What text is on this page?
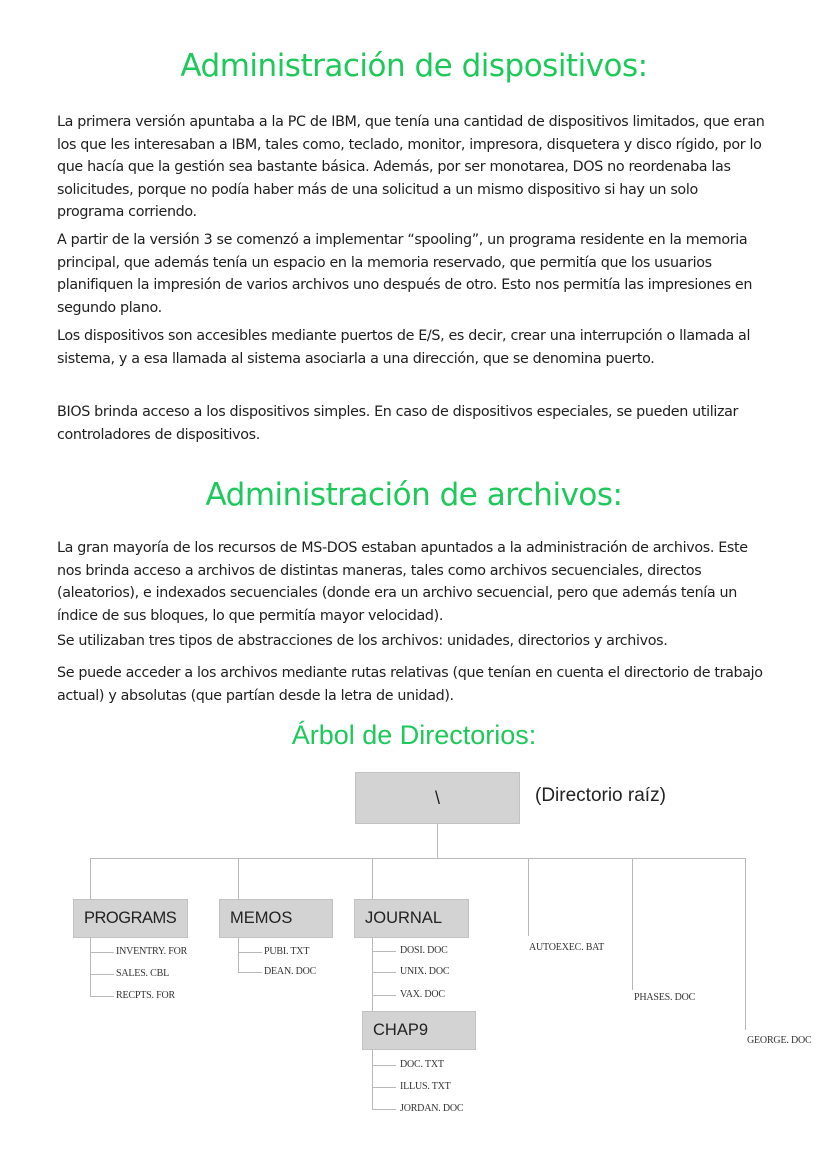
Administración de dispositivos:

La primera versión apuntaba a la PC de IBM, que tenía una cantidad de dispositivos limitados, que eran los que les interesaban a IBM, tales como, teclado, monitor, impresora, disquetera y disco rígido, por lo que hacía que la gestión sea bastante básica. Además, por ser monotarea, DOS no reordenaba las solicitudes, porque no podía haber más de una solicitud a un mismo dispositivo si hay un solo programa corriendo.

A partir de la versión 3 se comenzó a implementar “spooling”, un programa residente en la memoria principal, que además tenía un espacio en la memoria reservado, que permitía que los usuarios planifiquen la impresión de varios archivos uno después de otro. Esto nos permitía las impresiones en segundo plano.

Los dispositivos son accesibles mediante puertos de E/S, es decir, crear una interrupción o llamada al sistema, y a esa llamada al sistema asociarla a una dirección, que se denomina puerto.

BIOS brinda acceso a los dispositivos simples. En caso de dispositivos especiales, se pueden utilizar controladores de dispositivos.

Administración de archivos:

La gran mayoría de los recursos de MS-DOS estaban apuntados a la administración de archivos. Este nos brinda acceso a archivos de distintas maneras, tales como archivos secuenciales, directos (aleatorios), e indexados secuenciales (donde era un archivo secuencial, pero que además tenía un índice de sus bloques, lo que permitía mayor velocidad).

Se utilizaban tres tipos de abstracciones de los archivos: unidades, directorios y archivos.

Se puede acceder a los archivos mediante rutas relativas (que tenían en cuenta el directorio de trabajo actual) y absolutas (que partían desde la letra de unidad).

Árbol de Directorios:
\	(Directorio raíz)
PROGRAMS
INVENTRY. FOR
SALES. CBL
RECPTS. FOR
MEMOS
PUBI. TXT
DEAN. DOC
JOURNAL
DOSI. DOC
UNIX. DOC
VAX. DOC
CHAP9
DOC. TXT
ILLUS. TXT
JORDAN. DOC
AUTOEXEC. BAT
PHASES. DOC
GEORGE. DOC
